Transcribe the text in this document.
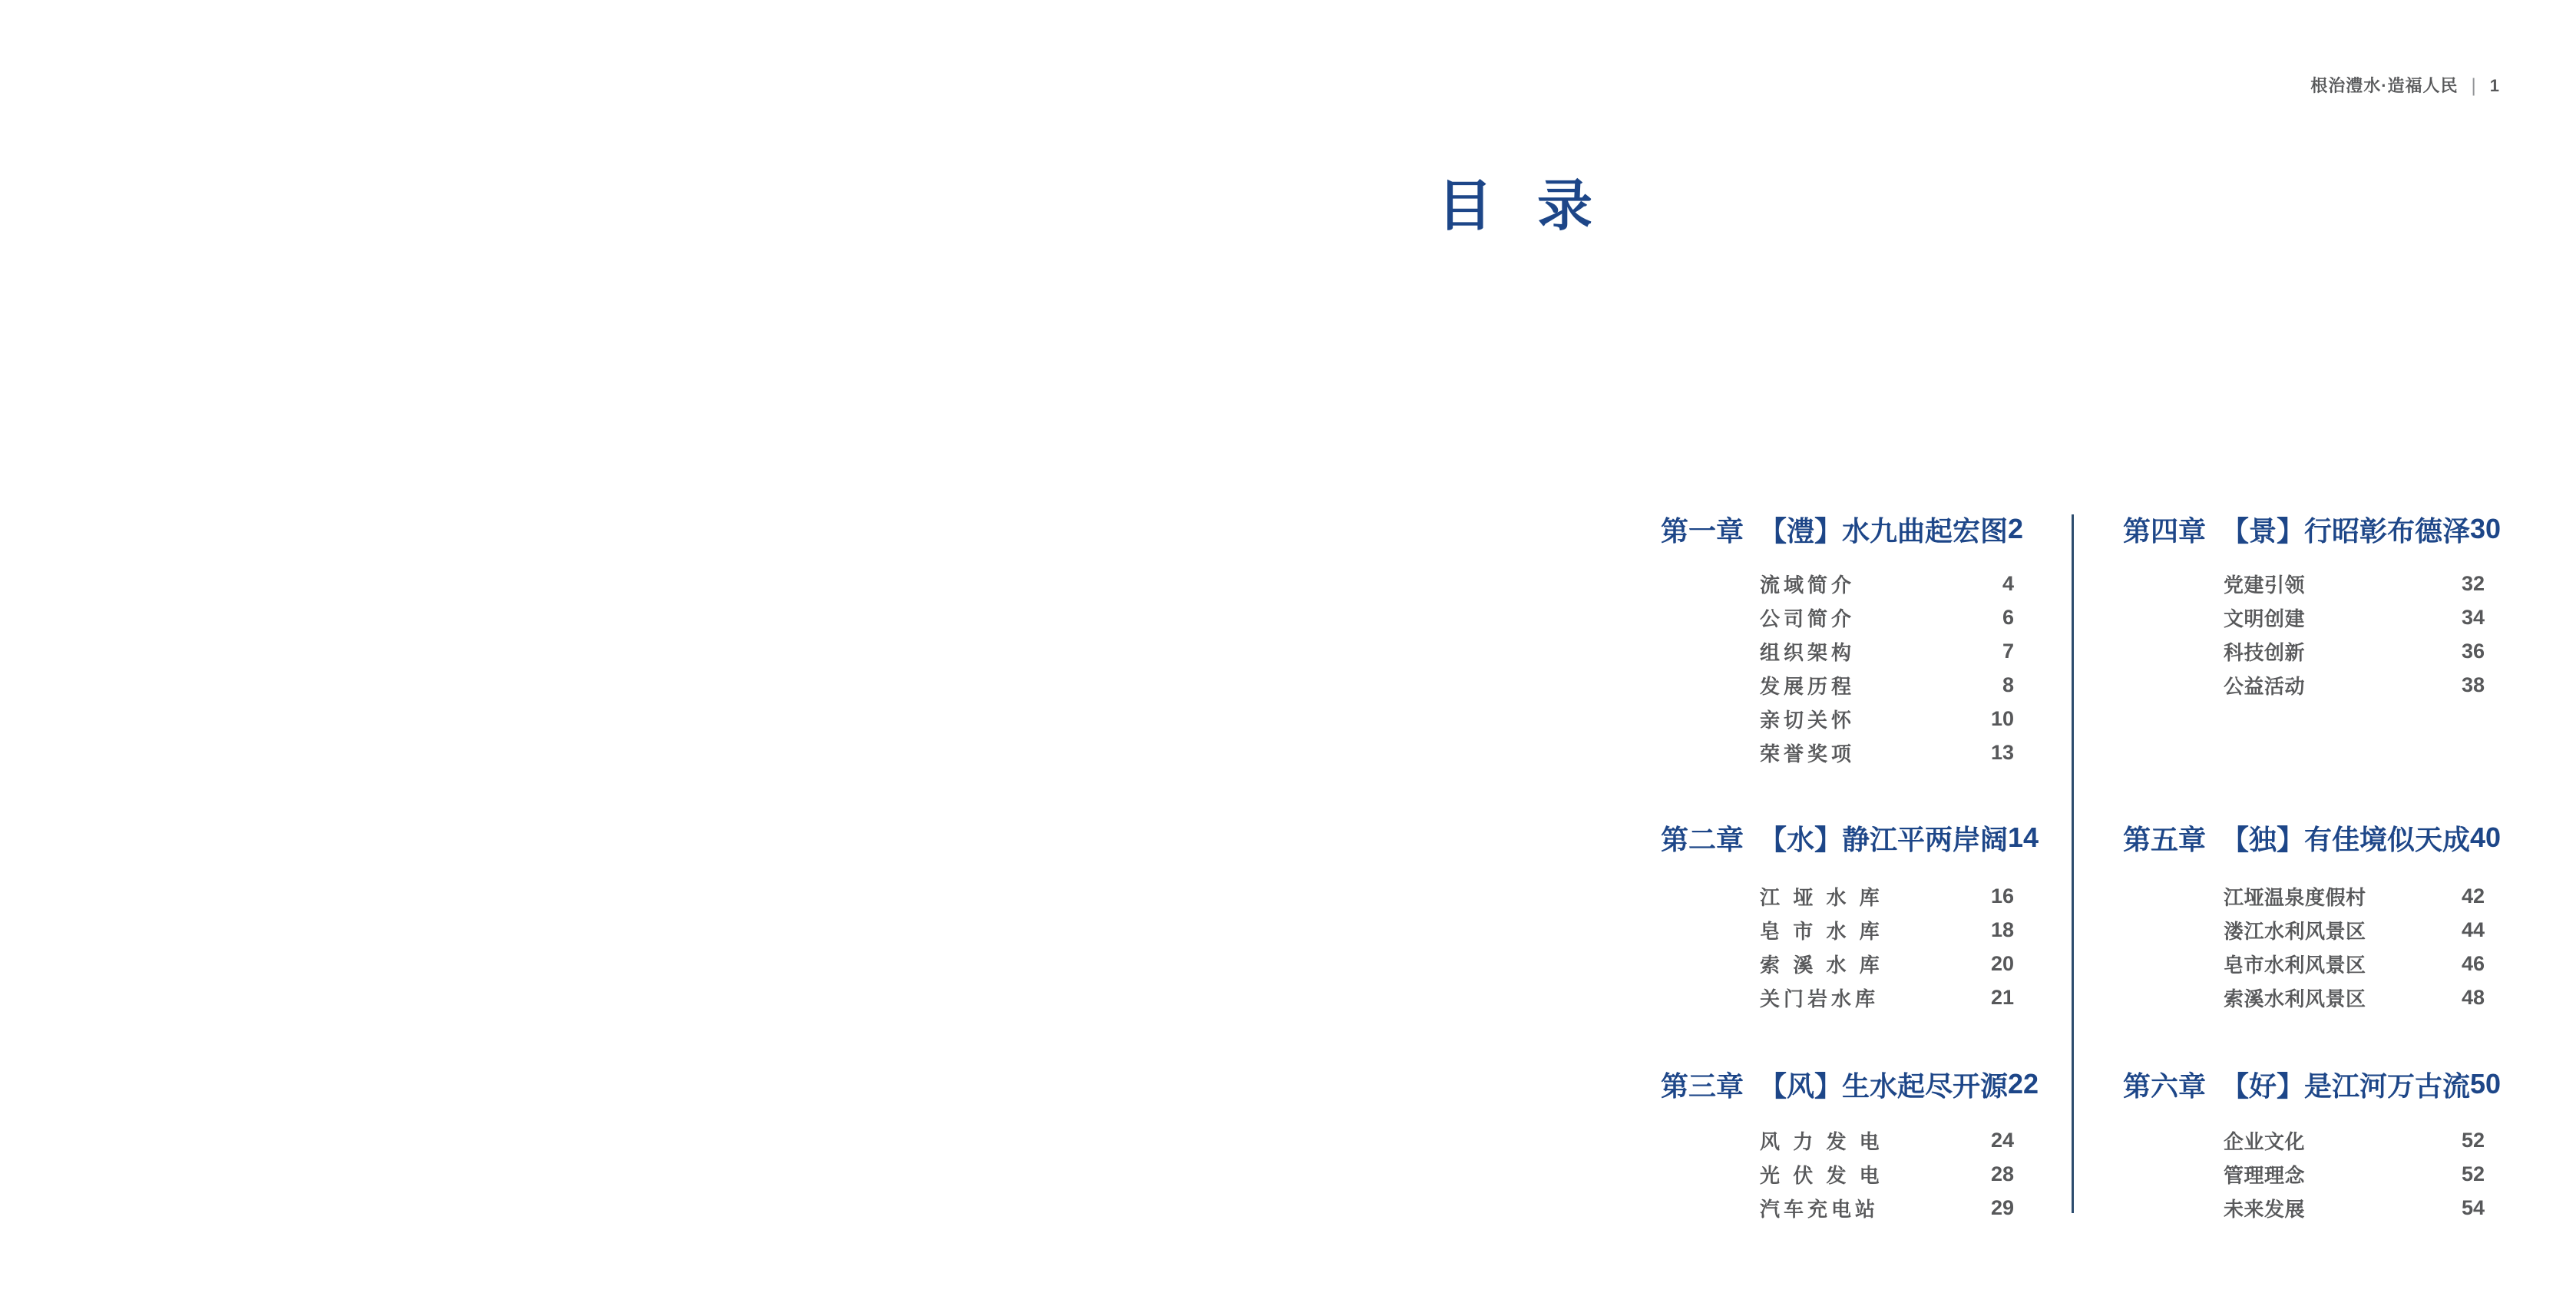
根治澧水·造福人民 | 1
目 录
第一章 【澧】水九曲起宏图 2
流域简介	4
公司简介	6
组织架构	7
发展历程	8
亲切关怀	10
荣誉奖项	13
第二章 【水】静江平两岸阔 14
江 垭 水 库	16
皂 市 水 库	18
索 溪 水 库	20
关门岩水库	21
第三章 【风】生水起尽开源 22
风 力 发 电	24
光 伏 发 电	28
汽车充电站	29
第四章 【景】行昭彰布德泽 30
党建引领	32
文明创建	34
科技创新	36
公益活动	38
第五章 【独】有佳境似天成 40
江垭温泉度假村	42
溇江水利风景区	44
皂市水利风景区	46
索溪水利风景区	48
第六章 【好】是江河万古流 50
企业文化	52
管理理念	52
未来发展	54
